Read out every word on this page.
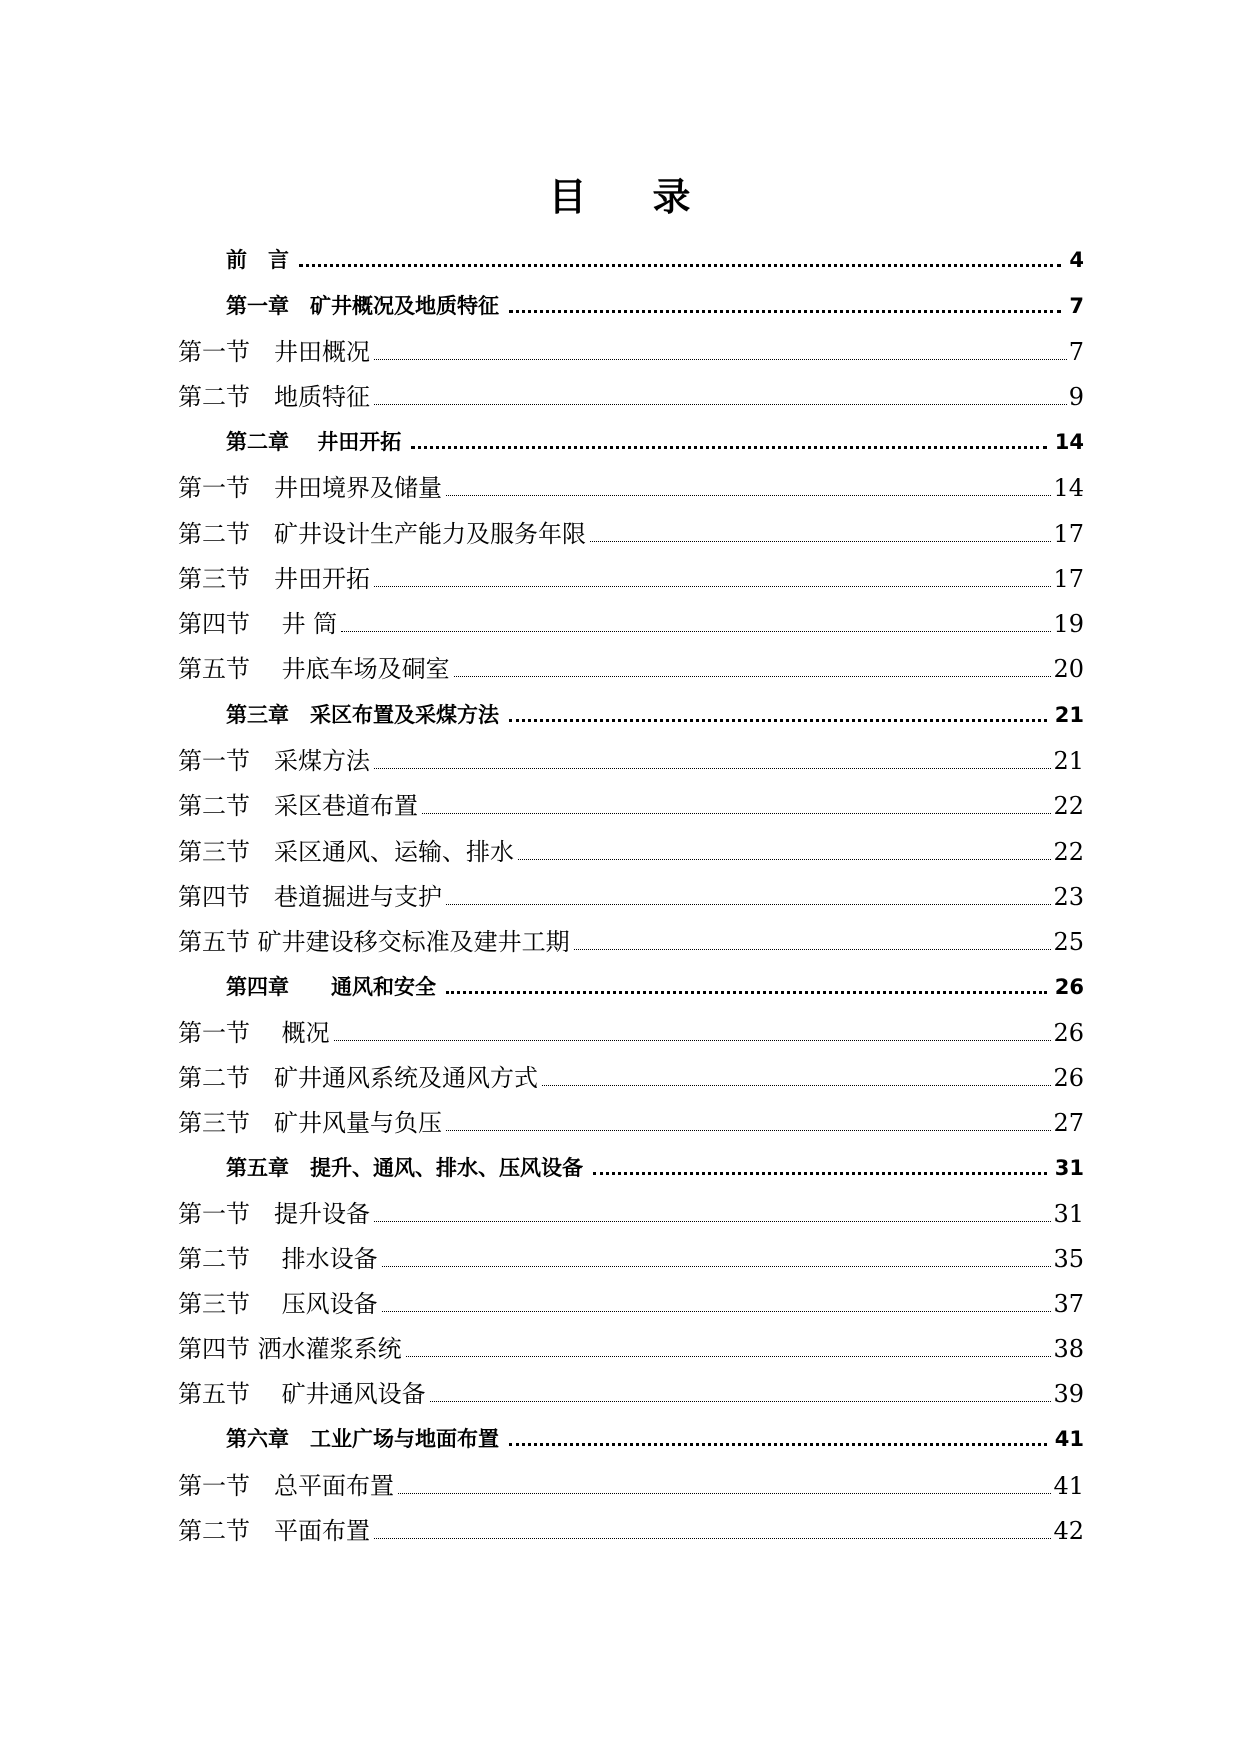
目 录
前　言	4
第一章　矿井概况及地质特征	7
第一节　井田概况	7
第二节　地质特征	9
第二章　 井田开拓	14
第一节　井田境界及储量	14
第二节　矿井设计生产能力及服务年限	17
第三节　井田开拓	17
第四节　 井 筒	19
第五节　 井底车场及硐室	20
第三章　采区布置及采煤方法	21
第一节　采煤方法	21
第二节　采区巷道布置	22
第三节　采区通风、运输、排水	22
第四节　巷道掘进与支护	23
第五节 矿井建设移交标准及建井工期	25
第四章　　通风和安全	26
第一节　 概况	26
第二节　矿井通风系统及通风方式	26
第三节　矿井风量与负压	27
第五章　提升、通风、排水、压风设备	31
第一节　提升设备	31
第二节　 排水设备	35
第三节　 压风设备	37
第四节 洒水灌浆系统	38
第五节　 矿井通风设备	39
第六章　工业广场与地面布置	41
第一节　总平面布置	41
第二节　平面布置	42
